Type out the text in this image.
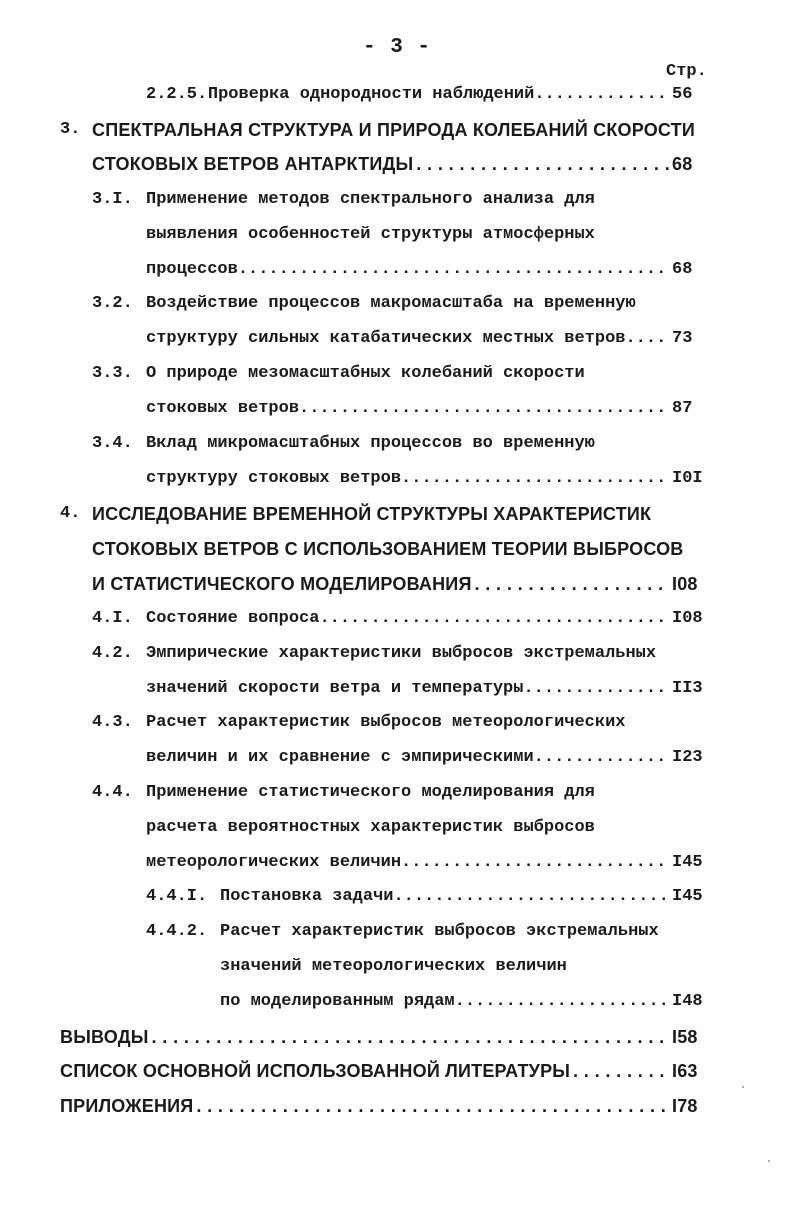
- 3 -
Стр.
2.2.5. Проверка однородности наблюдений .....	56
3. СПЕКТРАЛЬНАЯ СТРУКТУРА И ПРИРОДА КОЛЕБАНИЙ СКОРОСТИ
СТОКОВЫХ ВЕТРОВ АНТАРКТИДЫ .....	68
3.I. Применение методов спектрального анализа для
выявления особенностей структуры атмосферных
процессов .....	68
3.2. Воздействие процессов макромасштаба на временную
структуру сильных катабатических местных ветров .....	73
3.3. О природе мезомасштабных колебаний скорости
стоковых ветров .....	87
3.4. Вклад микромасштабных процессов во временную
структуру стоковых ветров .....	I0I
4. ИССЛЕДОВАНИЕ ВРЕМЕННОЙ СТРУКТУРЫ ХАРАКТЕРИСТИК
СТОКОВЫХ ВЕТРОВ С ИСПОЛЬЗОВАНИЕМ ТЕОРИИ ВЫБРОСОВ
И СТАТИСТИЧЕСКОГО МОДЕЛИРОВАНИЯ .....	I08
4.I. Состояние вопроса .....	I08
4.2. Эмпирические характеристики выбросов экстремальных
значений скорости ветра и температуры .....	II3
4.3. Расчет характеристик выбросов метеорологических
величин и их сравнение с эмпирическими .....	I23
4.4. Применение статистического моделирования для
расчета вероятностных характеристик выбросов
метеорологических величин .....	I45
4.4.I. Постановка задачи .....	I45
4.4.2. Расчет характеристик выбросов экстремальных
значений метеорологических величин
по моделированным рядам .....	I48
ВЫВОДЫ .....	I58
СПИСОК ОСНОВНОЙ ИСПОЛЬЗОВАННОЙ ЛИТЕРАТУРЫ .....	I63
ПРИЛОЖЕНИЯ .....	I78
